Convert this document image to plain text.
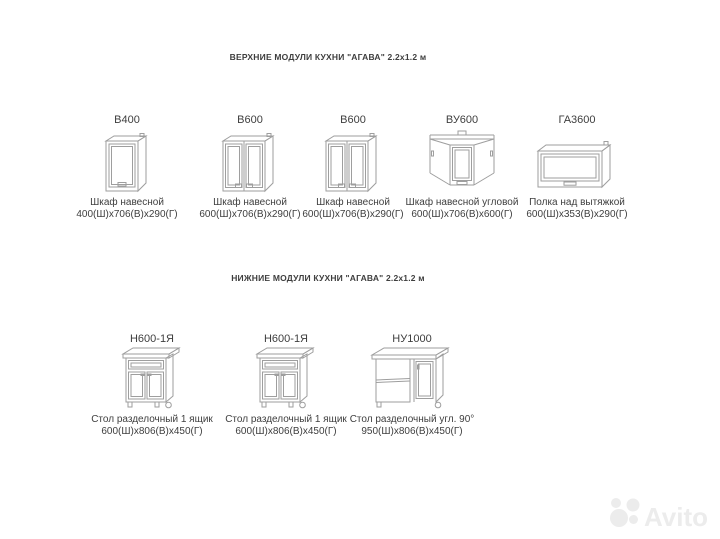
ВЕРХНИЕ МОДУЛИ КУХНИ "АГАВА" 2.2х1.2 м
НИЖНИЕ МОДУЛИ КУХНИ "АГАВА" 2.2х1.2 м
В400
Шкаф навесной
400(Ш)х706(В)х290(Г)
В600
Шкаф навесной
600(Ш)х706(В)х290(Г)
В600
Шкаф навесной
600(Ш)х706(В)х290(Г)
ВУ600
Шкаф навесной угловой
600(Ш)х706(В)х600(Г)
ГА3600
Полка над вытяжкой
600(Ш)х353(В)х290(Г)
Н600-1Я
Стол разделочный 1 ящик
600(Ш)х806(В)х450(Г)
Н600-1Я
Стол разделочный 1 ящик
600(Ш)х806(В)х450(Г)
НУ1000
Стол разделочный угл. 90°
950(Ш)х806(В)х450(Г)
Avito
